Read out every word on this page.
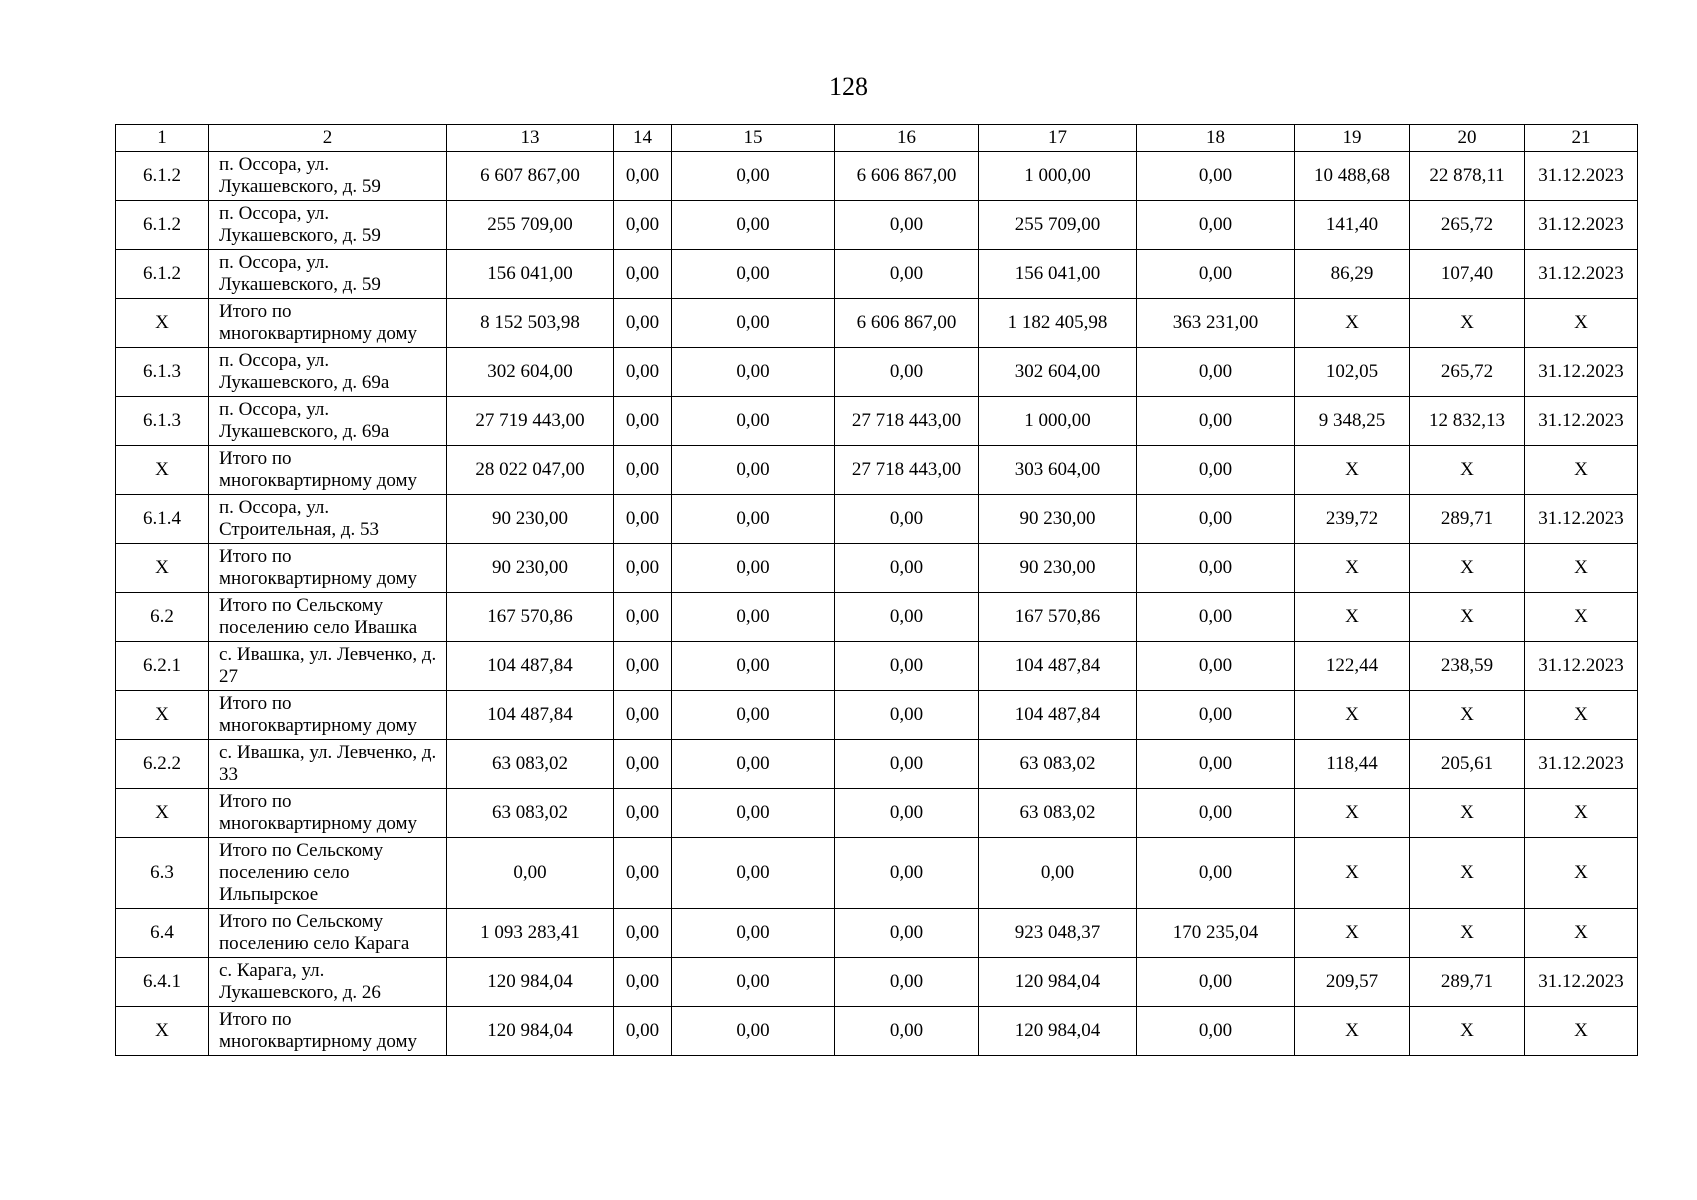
128
1	2	13	14	15	16	17	18	19	20	21
6.1.2	п. Оссора, ул. Лукашевского, д. 59	6 607 867,00	0,00	0,00	6 606 867,00	1 000,00	0,00	10 488,68	22 878,11	31.12.2023
6.1.2	п. Оссора, ул. Лукашевского, д. 59	255 709,00	0,00	0,00	0,00	255 709,00	0,00	141,40	265,72	31.12.2023
6.1.2	п. Оссора, ул. Лукашевского, д. 59	156 041,00	0,00	0,00	0,00	156 041,00	0,00	86,29	107,40	31.12.2023
X	Итого по многоквартирному дому	8 152 503,98	0,00	0,00	6 606 867,00	1 182 405,98	363 231,00	X	X	X
6.1.3	п. Оссора, ул. Лукашевского, д. 69а	302 604,00	0,00	0,00	0,00	302 604,00	0,00	102,05	265,72	31.12.2023
6.1.3	п. Оссора, ул. Лукашевского, д. 69а	27 719 443,00	0,00	0,00	27 718 443,00	1 000,00	0,00	9 348,25	12 832,13	31.12.2023
X	Итого по многоквартирному дому	28 022 047,00	0,00	0,00	27 718 443,00	303 604,00	0,00	X	X	X
6.1.4	п. Оссора, ул. Строительная, д. 53	90 230,00	0,00	0,00	0,00	90 230,00	0,00	239,72	289,71	31.12.2023
X	Итого по многоквартирному дому	90 230,00	0,00	0,00	0,00	90 230,00	0,00	X	X	X
6.2	Итого по Сельскому поселению село Ивашка	167 570,86	0,00	0,00	0,00	167 570,86	0,00	X	X	X
6.2.1	с. Ивашка, ул. Левченко, д. 27	104 487,84	0,00	0,00	0,00	104 487,84	0,00	122,44	238,59	31.12.2023
X	Итого по многоквартирному дому	104 487,84	0,00	0,00	0,00	104 487,84	0,00	X	X	X
6.2.2	с. Ивашка, ул. Левченко, д. 33	63 083,02	0,00	0,00	0,00	63 083,02	0,00	118,44	205,61	31.12.2023
X	Итого по многоквартирному дому	63 083,02	0,00	0,00	0,00	63 083,02	0,00	X	X	X
6.3	Итого по Сельскому поселению село Ильпырское	0,00	0,00	0,00	0,00	0,00	0,00	X	X	X
6.4	Итого по Сельскому поселению село Карага	1 093 283,41	0,00	0,00	0,00	923 048,37	170 235,04	X	X	X
6.4.1	с. Карага, ул. Лукашевского, д. 26	120 984,04	0,00	0,00	0,00	120 984,04	0,00	209,57	289,71	31.12.2023
X	Итого по многоквартирному дому	120 984,04	0,00	0,00	0,00	120 984,04	0,00	X	X	X
